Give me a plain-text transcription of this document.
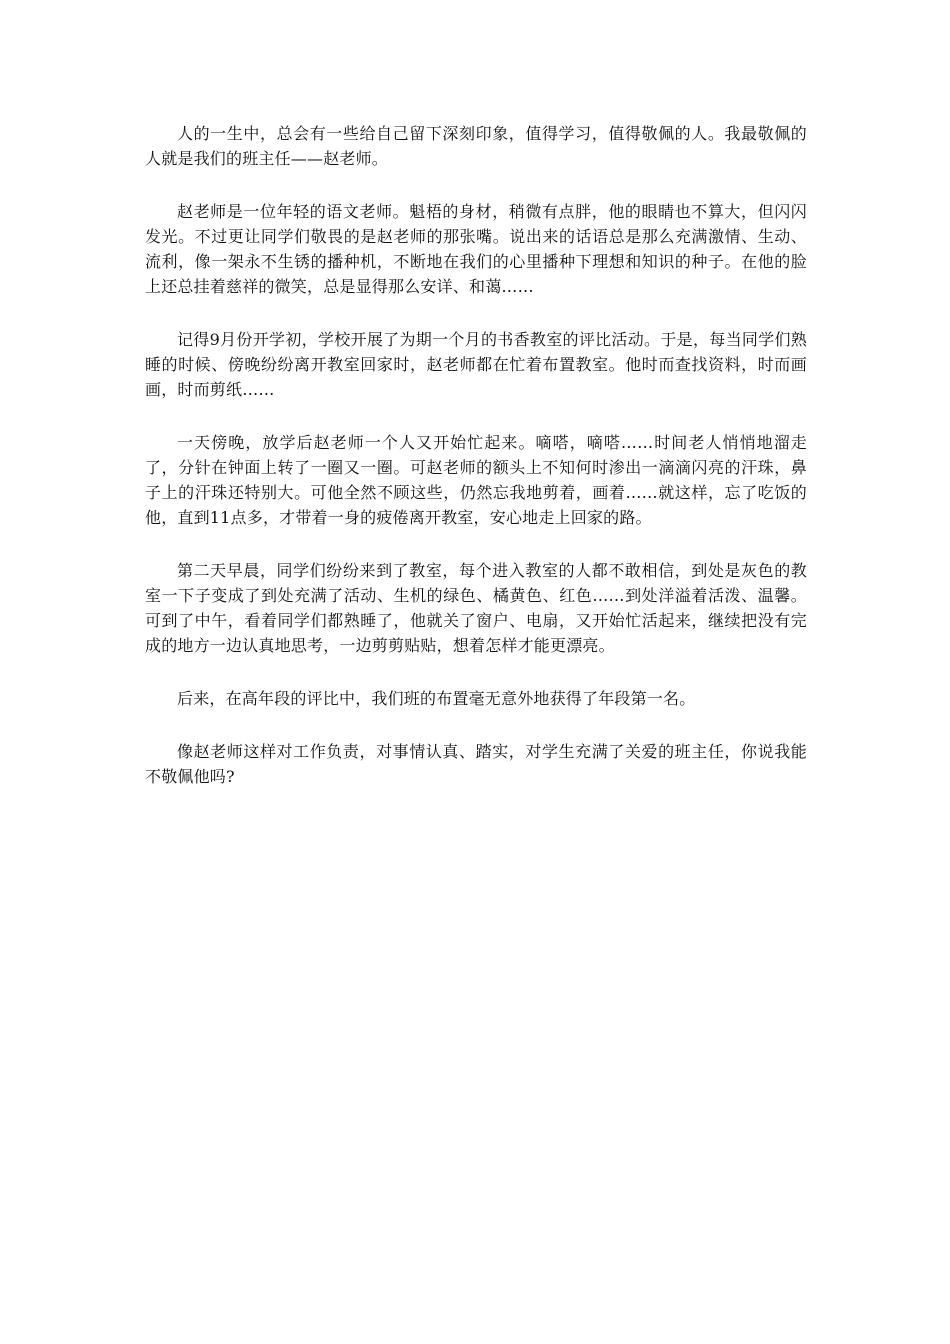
人的一生中，总会有一些给自己留下深刻印象，值得学习，值得敬佩的人。我最敬佩的人就是我们的班主任——赵老师。

赵老师是一位年轻的语文老师。魁梧的身材，稍微有点胖，他的眼睛也不算大，但闪闪发光。不过更让同学们敬畏的是赵老师的那张嘴。说出来的话语总是那么充满激情、生动、流利，像一架永不生锈的播种机，不断地在我们的心里播种下理想和知识的种子。在他的脸上还总挂着慈祥的微笑，总是显得那么安详、和蔼……

记得9月份开学初，学校开展了为期一个月的书香教室的评比活动。于是，每当同学们熟睡的时候、傍晚纷纷离开教室回家时，赵老师都在忙着布置教室。他时而查找资料，时而画画，时而剪纸……

一天傍晚，放学后赵老师一个人又开始忙起来。嘀嗒，嘀嗒……时间老人悄悄地溜走了，分针在钟面上转了一圈又一圈。可赵老师的额头上不知何时渗出一滴滴闪亮的汗珠，鼻子上的汗珠还特别大。可他全然不顾这些，仍然忘我地剪着，画着……就这样，忘了吃饭的他，直到11点多，才带着一身的疲倦离开教室，安心地走上回家的路。

第二天早晨，同学们纷纷来到了教室，每个进入教室的人都不敢相信，到处是灰色的教室一下子变成了到处充满了活动、生机的绿色、橘黄色、红色……到处洋溢着活泼、温馨。可到了中午，看着同学们都熟睡了，他就关了窗户、电扇，又开始忙活起来，继续把没有完成的地方一边认真地思考，一边剪剪贴贴，想着怎样才能更漂亮。

后来，在高年段的评比中，我们班的布置毫无意外地获得了年段第一名。

像赵老师这样对工作负责，对事情认真、踏实，对学生充满了关爱的班主任，你说我能不敬佩他吗?
